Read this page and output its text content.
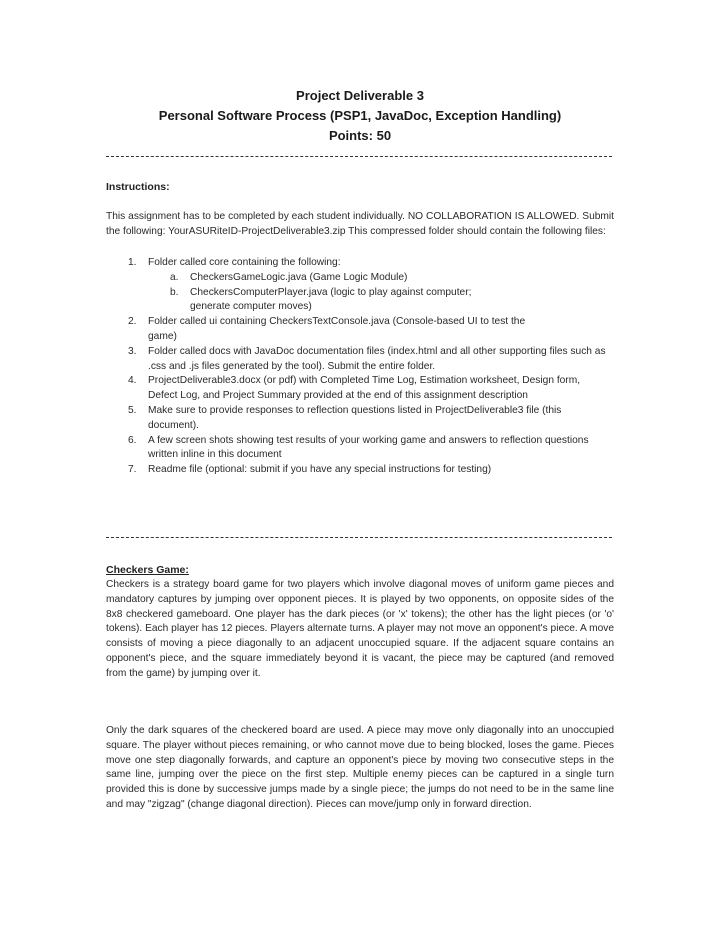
Project Deliverable 3
Personal Software Process (PSP1, JavaDoc, Exception Handling)
Points: 50
Instructions:
This assignment has to be completed by each student individually. NO COLLABORATION IS ALLOWED. Submit the following: YourASURiteID-ProjectDeliverable3.zip This compressed folder should contain the following files:
1. Folder called core containing the following:
a. CheckersGameLogic.java (Game Logic Module)
b. CheckersComputerPlayer.java (logic to play against computer; generate computer moves)
2. Folder called ui containing CheckersTextConsole.java (Console-based UI to test the game)
3. Folder called docs with JavaDoc documentation files (index.html and all other supporting files such as .css and .js files generated by the tool). Submit the entire folder.
4. ProjectDeliverable3.docx (or pdf) with Completed Time Log, Estimation worksheet, Design form, Defect Log, and Project Summary provided at the end of this assignment description
5. Make sure to provide responses to reflection questions listed in ProjectDeliverable3 file (this document).
6. A few screen shots showing test results of your working game and answers to reflection questions written inline in this document
7. Readme file (optional: submit if you have any special instructions for testing)
Checkers Game:
Checkers is a strategy board game for two players which involve diagonal moves of uniform game pieces and mandatory captures by jumping over opponent pieces. It is played by two opponents, on opposite sides of the 8x8 checkered gameboard. One player has the dark pieces (or 'x' tokens); the other has the light pieces (or 'o' tokens). Each player has 12 pieces. Players alternate turns. A player may not move an opponent's piece. A move consists of moving a piece diagonally to an adjacent unoccupied square. If the adjacent square contains an opponent's piece, and the square immediately beyond it is vacant, the piece may be captured (and removed from the game) by jumping over it.
Only the dark squares of the checkered board are used. A piece may move only diagonally into an unoccupied square. The player without pieces remaining, or who cannot move due to being blocked, loses the game. Pieces move one step diagonally forwards, and capture an opponent's piece by moving two consecutive steps in the same line, jumping over the piece on the first step. Multiple enemy pieces can be captured in a single turn provided this is done by successive jumps made by a single piece; the jumps do not need to be in the same line and may "zigzag" (change diagonal direction). Pieces can move/jump only in forward direction.
